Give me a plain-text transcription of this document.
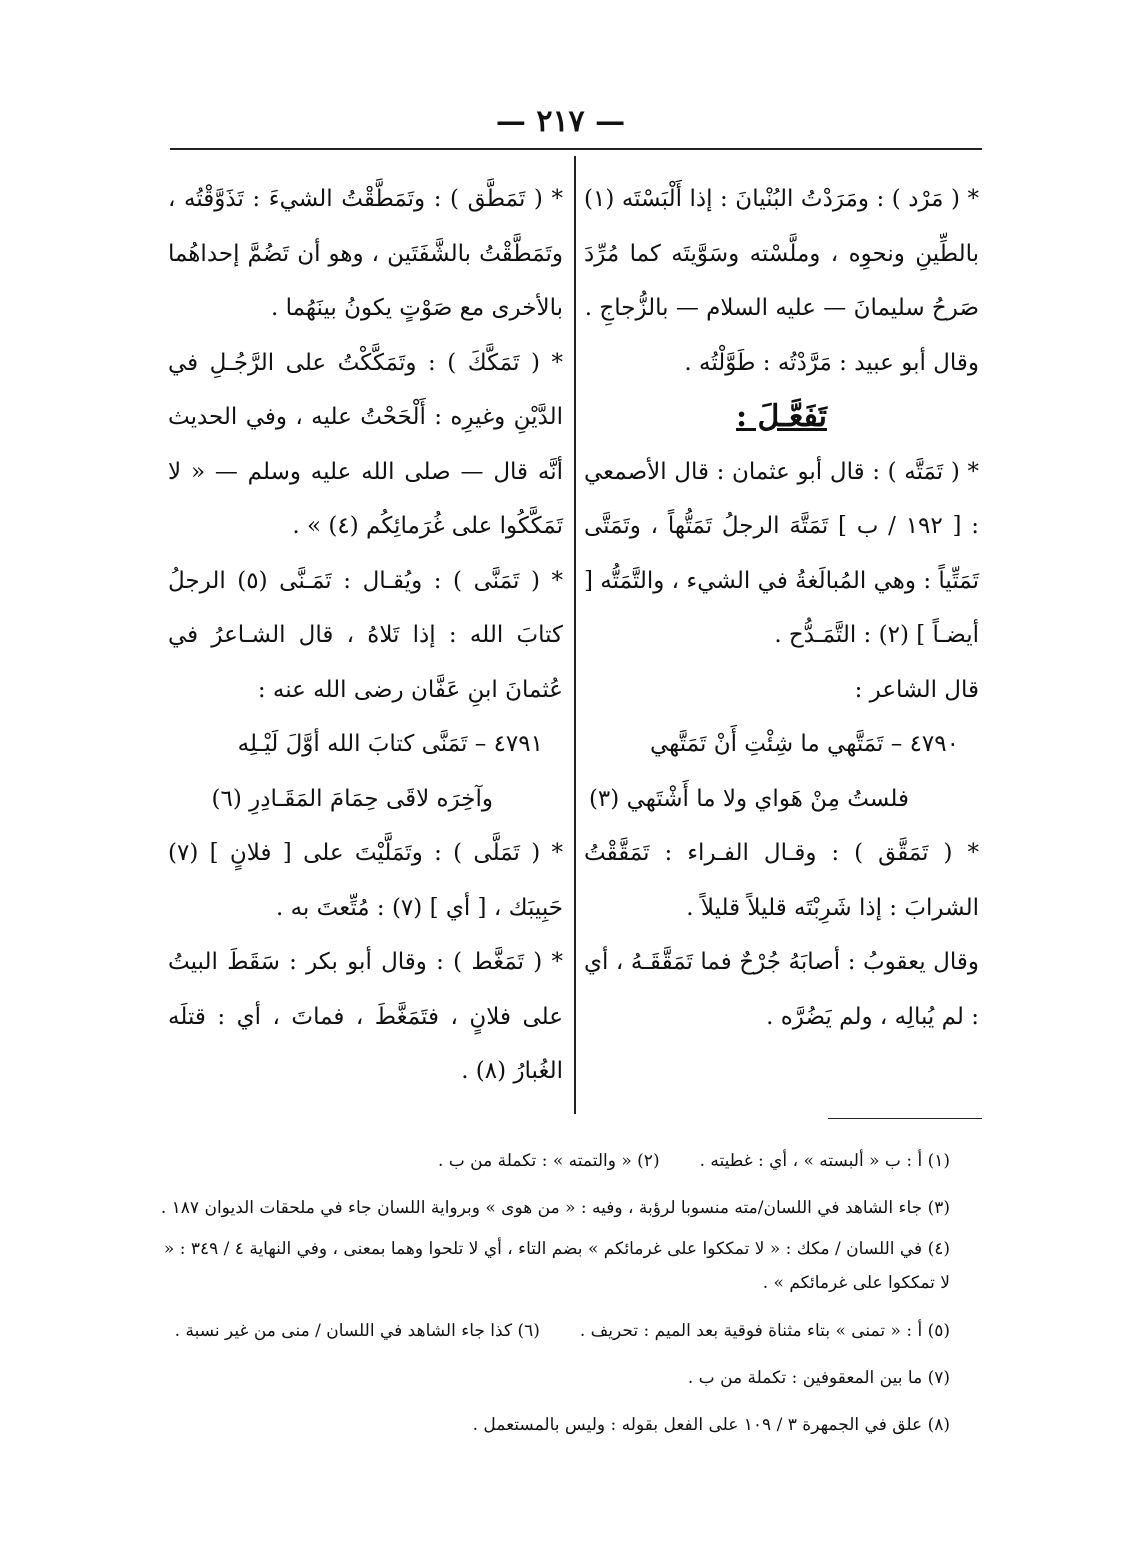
— ٢١٧ —

* ( مَرْد ) : ومَرَدْتُ البُنْيانَ : إذا أَلْبَسْتَه (١) بالطِّينِ ونحوِه ، وملَّسْته وسَوَّيتَه كما مُرِّدَ صَرحُ سليمانَ — عليه السلام — بالزُّجاجِ .

وقال أبو عبيد : مَرَّدْتُه : طَوَّلْتُه .

تَفَعَّـلَ :

* ( تَمَتَّه ) : قال أبو عثمان : قال الأصمعي : [ ١٩٢ / ب ] تَمَتَّهَ الرجلُ تَمَتُّهاً ، وتَمَتَّى تَمَتِّياً : وهي المُبالَغةُ في الشيء ، والتَّمَتُّه [ أيضـاً ] (٢) : التَّمَـدُّح .

قال الشاعر :

٤٧٩٠ – تَمَتَّهي ما شِئْتِ أَنْ تَمَتَّهي

فلستُ مِنْ هَواي ولا ما أَشْتَهي (٣)

* ( تَمَقَّق ) : وقـال الفـراء : تَمَقَّقْتُ الشرابَ : إذا شَرِبْتَه قليلاً قليلاً .

وقال يعقوبُ : أصابَهُ جُرْحٌ فما تَمَقَّقَـهُ ، أي : لم يُبالِه ، ولم يَضُرَّه .

* ( تَمَطَّق ) : وتَمَطَّقْتُ الشيءَ : تَذَوَّقْتُه ، وتَمَطَّقْتُ بالشَّفَتَين ، وهو أن تَضُمَّ إحداهُما بالأخرى مع صَوْتٍ يكونُ بينَهُما .

* ( تَمَكَّكَ ) : وتَمَكَّكْتُ على الرَّجُـلِ في الدَّيْنِ وغيرِه : أَلْحَحْتُ عليه ، وفي الحديث أنَّه قال — صلى الله عليه وسلم — « لا تَمَكَّكُوا على غُرَمائِكُم (٤) » .

* ( تَمَنَّى ) : ويُقـال : تَمَـنَّى (٥) الرجلُ كتابَ الله : إذا تَلاهُ ، قال الشـاعرُ في عُثمانَ ابنِ عَفَّان رضى الله عنه :

٤٧٩١ – تَمَنَّى كتابَ الله أوَّلَ لَيْـلِه

وآخِرَه لاقَى حِمَامَ المَقَـادِرِ (٦)

* ( تَمَلَّى ) : وتَمَلَّيْتَ على [ فلانٍ ] (٧) حَبِيبَك ، [ أي ] (٧) : مُتِّعتَ به .

* ( تَمَغَّط ) : وقال أبو بكر : سَقَطَ البيتُ على فلانٍ ، فتَمَغَّطَ ، فماتَ ، أي : قتلَه الغُبارُ (٨) .

(١) أ : ب « ألبسته » ، أي : غطيته .
(٢) « والتمته » : تكملة من ب .

(٣) جاء الشاهد في اللسان/مته منسوبا لرؤبة ، وفيه : « من هوى » وبرواية اللسان جاء في ملحقات الديوان ١٨٧ .

(٤) في اللسان / مكك : « لا تمككوا على غرمائكم » بضم التاء ، أي لا تلحوا وهما بمعنى ، وفي النهاية ٤ / ٣٤٩ : « لا تمككوا على غرمائكم » .

(٥) أ : « تمنى » بتاء مثناة فوقية بعد الميم : تحريف .
(٦) كذا جاء الشاهد في اللسان / منى من غير نسبة .

(٧) ما بين المعقوفين : تكملة من ب .

(٨) علق في الجمهرة ٣ / ١٠٩ على الفعل بقوله : وليس بالمستعمل .
